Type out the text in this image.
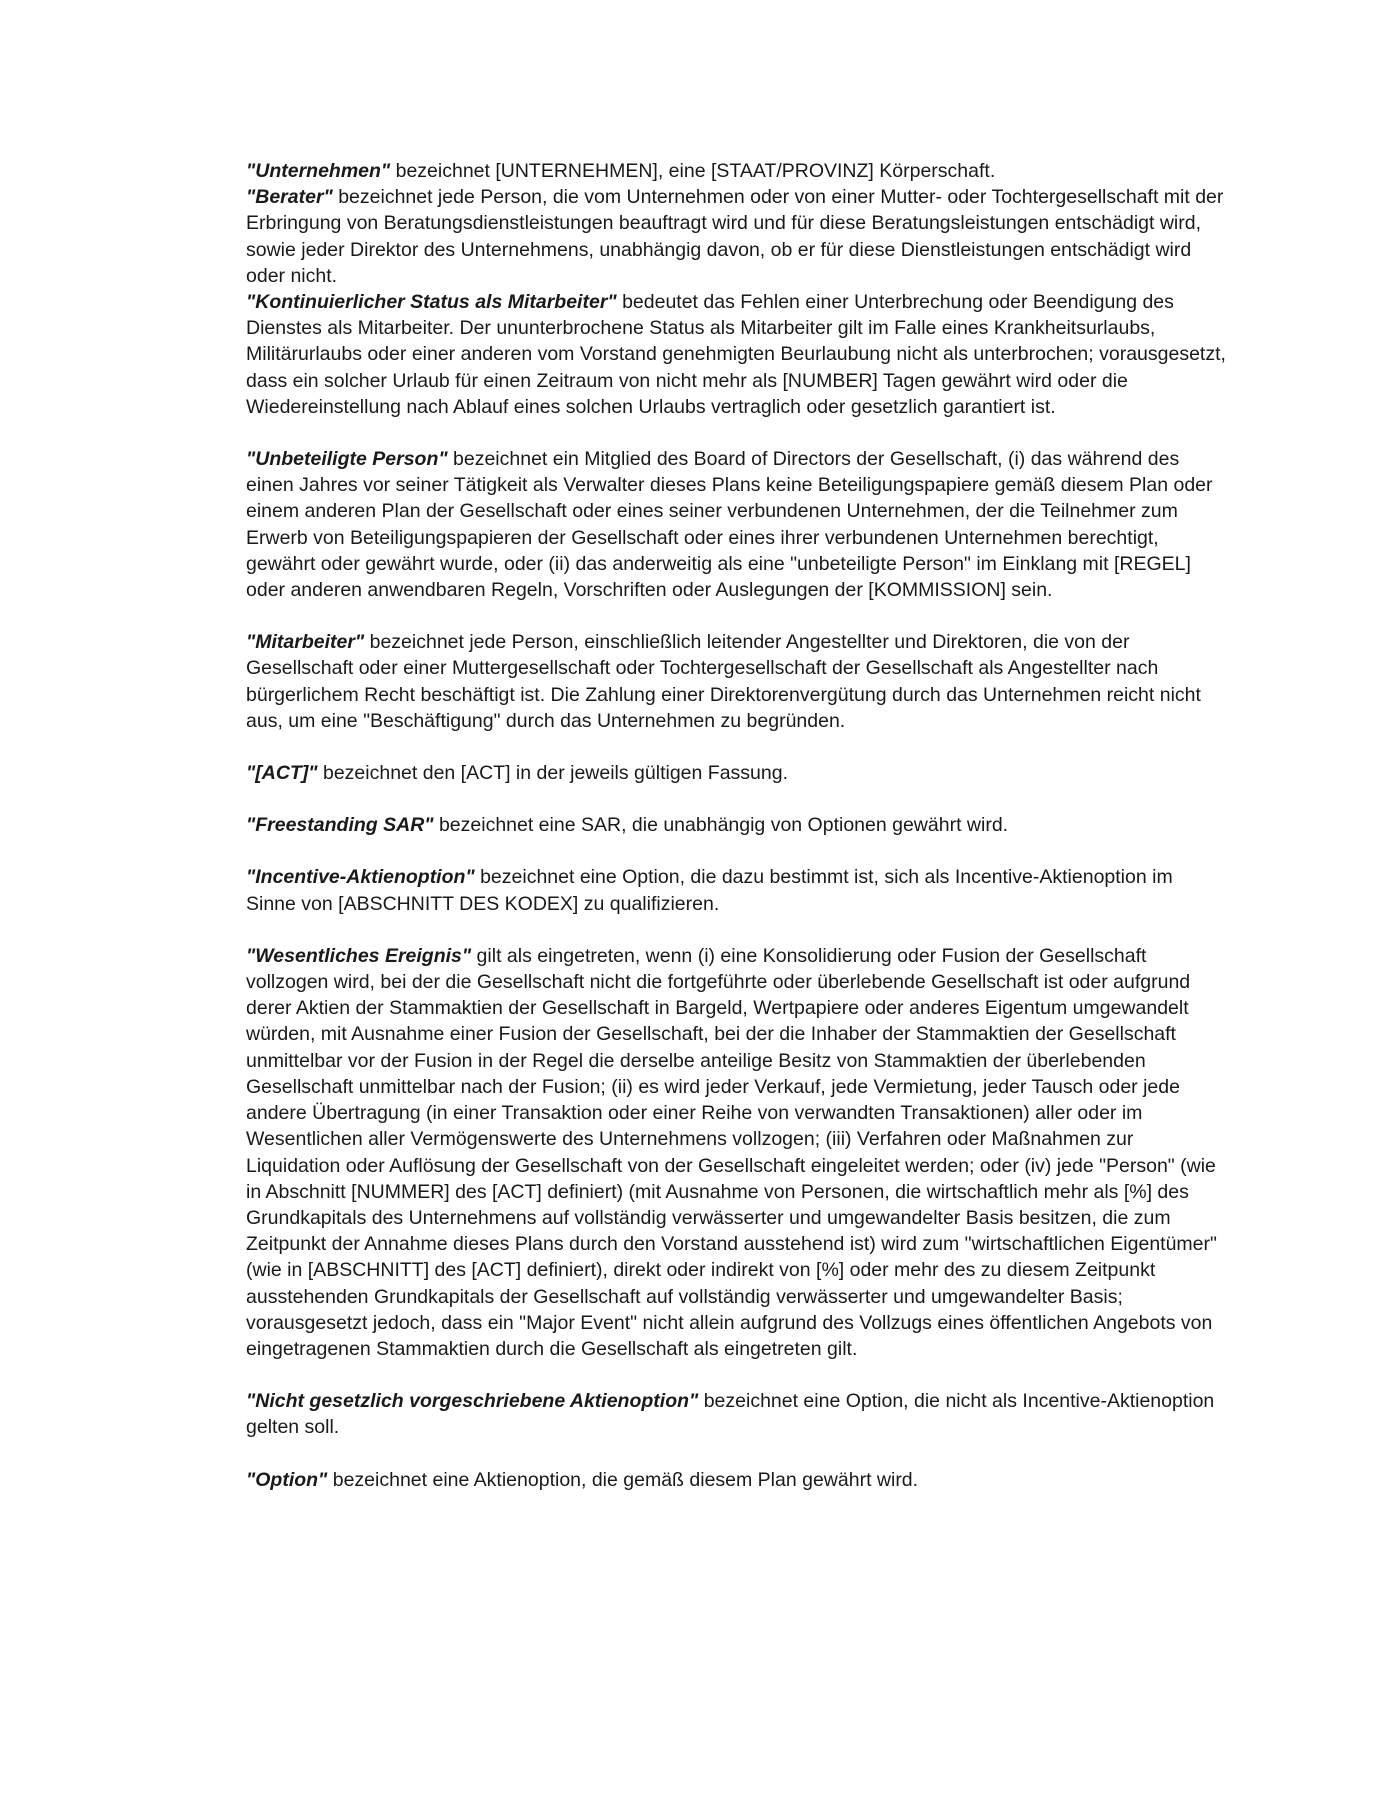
"Unternehmen" bezeichnet [UNTERNEHMEN], eine [STAAT/PROVINZ] Körperschaft.

"Berater" bezeichnet jede Person, die vom Unternehmen oder von einer Mutter- oder Tochtergesellschaft mit der Erbringung von Beratungsdienstleistungen beauftragt wird und für diese Beratungsleistungen entschädigt wird, sowie jeder Direktor des Unternehmens, unabhängig davon, ob er für diese Dienstleistungen entschädigt wird oder nicht.

"Kontinuierlicher Status als Mitarbeiter" bedeutet das Fehlen einer Unterbrechung oder Beendigung des Dienstes als Mitarbeiter. Der ununterbrochene Status als Mitarbeiter gilt im Falle eines Krankheitsurlaubs, Militärurlaubs oder einer anderen vom Vorstand genehmigten Beurlaubung nicht als unterbrochen; vorausgesetzt, dass ein solcher Urlaub für einen Zeitraum von nicht mehr als [NUMBER] Tagen gewährt wird oder die Wiedereinstellung nach Ablauf eines solchen Urlaubs vertraglich oder gesetzlich garantiert ist.

"Unbeteiligte Person" bezeichnet ein Mitglied des Board of Directors der Gesellschaft, (i) das während des einen Jahres vor seiner Tätigkeit als Verwalter dieses Plans keine Beteiligungspapiere gemäß diesem Plan oder einem anderen Plan der Gesellschaft oder eines seiner verbundenen Unternehmen, der die Teilnehmer zum Erwerb von Beteiligungspapieren der Gesellschaft oder eines ihrer verbundenen Unternehmen berechtigt, gewährt oder gewährt wurde, oder (ii) das anderweitig als eine "unbeteiligte Person" im Einklang mit [REGEL] oder anderen anwendbaren Regeln, Vorschriften oder Auslegungen der [KOMMISSION] sein.

"Mitarbeiter" bezeichnet jede Person, einschließlich leitender Angestellter und Direktoren, die von der Gesellschaft oder einer Muttergesellschaft oder Tochtergesellschaft der Gesellschaft als Angestellter nach bürgerlichem Recht beschäftigt ist. Die Zahlung einer Direktorenvergütung durch das Unternehmen reicht nicht aus, um eine "Beschäftigung" durch das Unternehmen zu begründen.

"[ACT]" bezeichnet den [ACT] in der jeweils gültigen Fassung.

"Freestanding SAR" bezeichnet eine SAR, die unabhängig von Optionen gewährt wird.

"Incentive-Aktienoption" bezeichnet eine Option, die dazu bestimmt ist, sich als Incentive-Aktienoption im Sinne von [ABSCHNITT DES KODEX] zu qualifizieren.

"Wesentliches Ereignis" gilt als eingetreten, wenn (i) eine Konsolidierung oder Fusion der Gesellschaft vollzogen wird, bei der die Gesellschaft nicht die fortgeführte oder überlebende Gesellschaft ist oder aufgrund derer Aktien der Stammaktien der Gesellschaft in Bargeld, Wertpapiere oder anderes Eigentum umgewandelt würden, mit Ausnahme einer Fusion der Gesellschaft, bei der die Inhaber der Stammaktien der Gesellschaft unmittelbar vor der Fusion in der Regel die derselbe anteilige Besitz von Stammaktien der überlebenden Gesellschaft unmittelbar nach der Fusion; (ii) es wird jeder Verkauf, jede Vermietung, jeder Tausch oder jede andere Übertragung (in einer Transaktion oder einer Reihe von verwandten Transaktionen) aller oder im Wesentlichen aller Vermögenswerte des Unternehmens vollzogen; (iii) Verfahren oder Maßnahmen zur Liquidation oder Auflösung der Gesellschaft von der Gesellschaft eingeleitet werden; oder (iv) jede "Person" (wie in Abschnitt [NUMMER] des [ACT] definiert) (mit Ausnahme von Personen, die wirtschaftlich mehr als [%] des Grundkapitals des Unternehmens auf vollständig verwässerter und umgewandelter Basis besitzen, die zum Zeitpunkt der Annahme dieses Plans durch den Vorstand ausstehend ist) wird zum "wirtschaftlichen Eigentümer" (wie in [ABSCHNITT] des [ACT] definiert), direkt oder indirekt von [%] oder mehr des zu diesem Zeitpunkt ausstehenden Grundkapitals der Gesellschaft auf vollständig verwässerter und umgewandelter Basis; vorausgesetzt jedoch, dass ein "Major Event" nicht allein aufgrund des Vollzugs eines öffentlichen Angebots von eingetragenen Stammaktien durch die Gesellschaft als eingetreten gilt.

"Nicht gesetzlich vorgeschriebene Aktienoption" bezeichnet eine Option, die nicht als Incentive-Aktienoption gelten soll.

"Option" bezeichnet eine Aktienoption, die gemäß diesem Plan gewährt wird.
